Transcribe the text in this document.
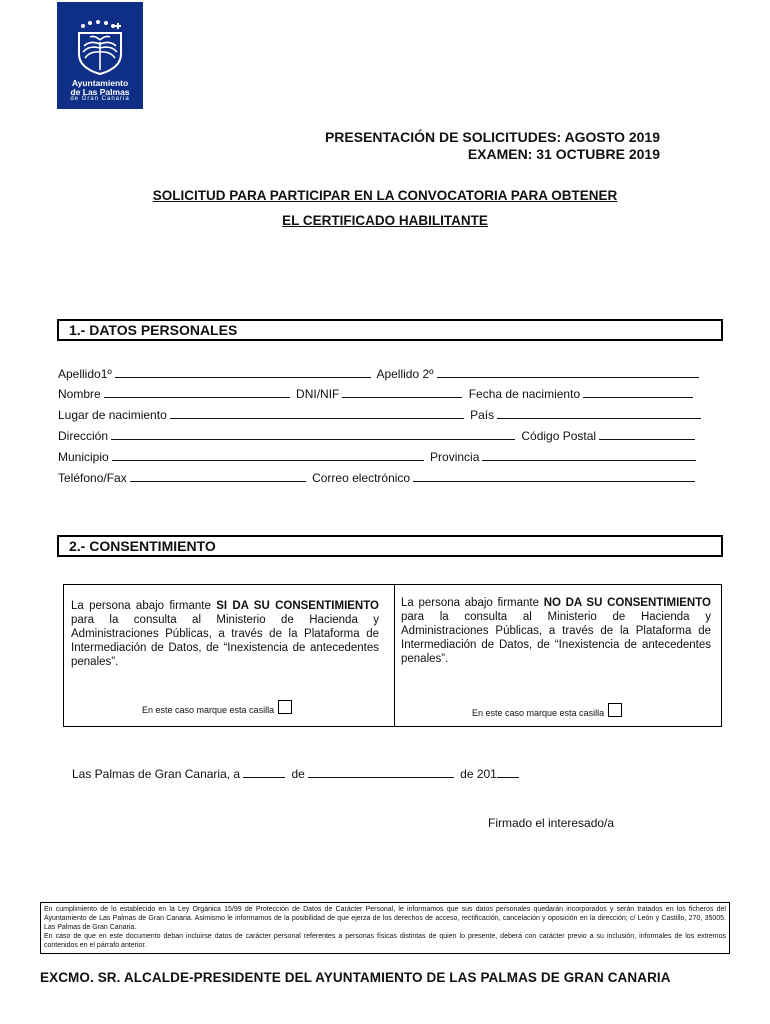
Ayuntamiento
de Las Palmas
de Gran Canaria
PRESENTACIÓN DE SOLICITUDES: AGOSTO 2019
EXAMEN: 31 OCTUBRE 2019
SOLICITUD PARA PARTICIPAR EN LA CONVOCATORIA PARA OBTENER
EL CERTIFICADO HABILITANTE
1.- DATOS PERSONALES
Apellido1º	Apellido 2º
Nombre	DNI/NIF	Fecha de nacimiento
Lugar de nacimiento	País
Dirección	Código Postal
Municipio	Provincia
Teléfono/Fax	Correo electrónico
2.- CONSENTIMIENTO
La persona abajo firmante SI DA SU CONSENTIMIENTO para la consulta al Ministerio de Hacienda y Administraciones Públicas, a través de la Plataforma de Intermediación de Datos, de “Inexistencia de antecedentes penales”.
En este caso marque esta casilla
La persona abajo firmante NO DA SU CONSENTIMIENTO para la consulta al Ministerio de Hacienda y Administraciones Públicas, a través de la Plataforma de Intermediación de Datos, de “Inexistencia de antecedentes penales”.
En este caso marque esta casilla
Las Palmas de Gran Canaria, a	de	de 201
Firmado el interesado/a
En cumplimiento de lo establecido en la Ley Orgánica 15/99 de Protección de Datos de Carácter Personal, le informamos que sus datos personales quedarán incorporados y serán tratados en los ficheros del Ayuntamiento de Las Palmas de Gran Canaria. Asimismo le informamos de la posibilidad de que ejerza de los derechos de acceso, rectificación, cancelación y oposición en la dirección; c/ León y Castillo, 270, 35005. Las Palmas de Gran Canaria.
En caso de que en este documento deban incluirse datos de carácter personal referentes a personas físicas distintas de quien lo presente, deberá con carácter previo a su inclusión, informales de los extremos contenidos en el párrafo anterior.
EXCMO. SR. ALCALDE-PRESIDENTE DEL AYUNTAMIENTO DE LAS PALMAS DE GRAN CANARIA
